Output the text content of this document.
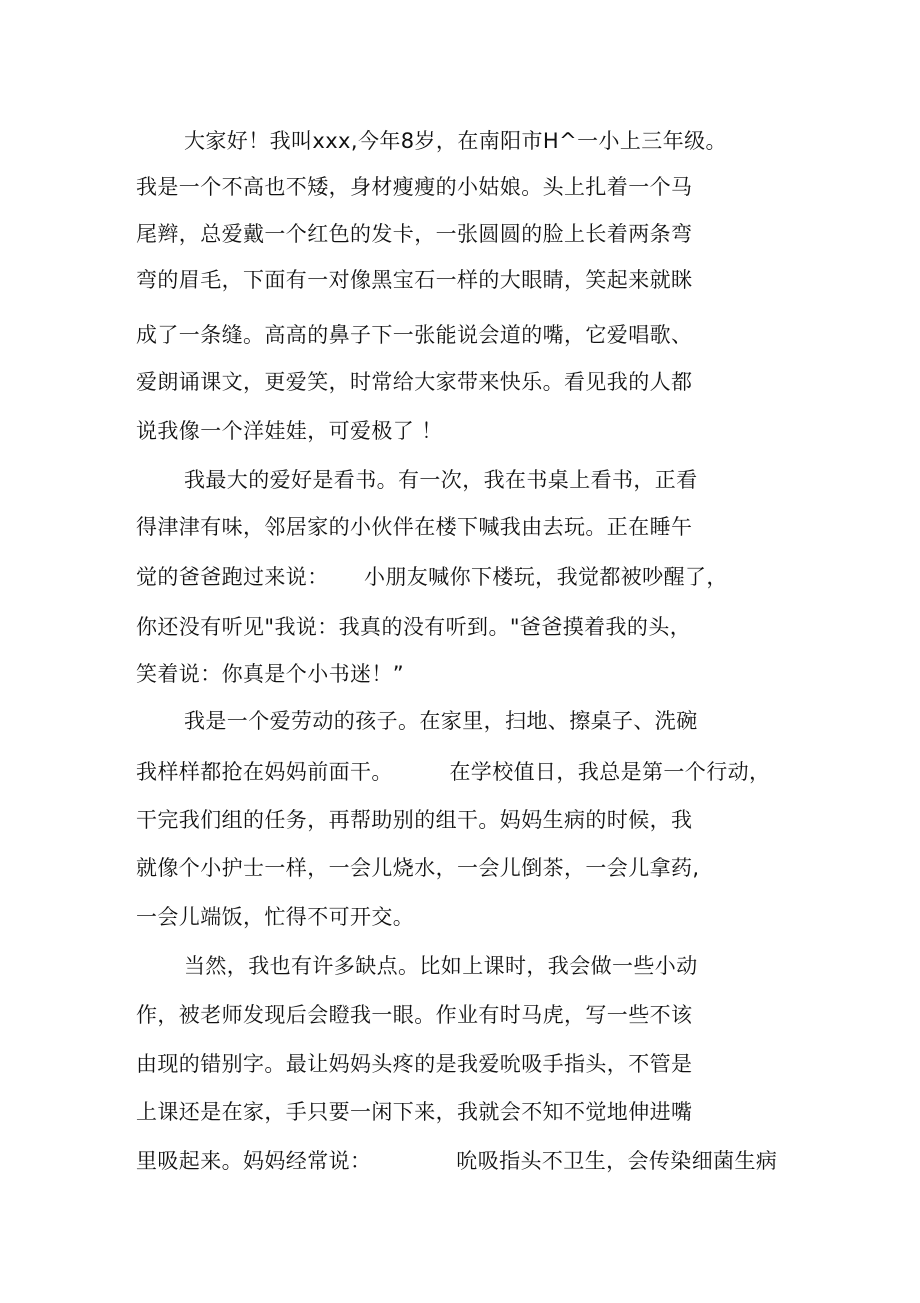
大家好！我叫xxx,今年8岁，在南阳市H^一小上三年级。
我是一个不高也不矮，身材瘦瘦的小姑娘。头上扎着一个马
尾辫，总爱戴一个红色的发卡，一张圆圆的脸上长着两条弯
弯的眉毛，下面有一对像黑宝石一样的大眼睛，笑起来就眯
成了一条缝。高高的鼻子下一张能说会道的嘴，它爱唱歌、
爱朗诵课文，更爱笑，时常给大家带来快乐。看见我的人都
说我像一个洋娃娃，可爱极了 ！
我最大的爱好是看书。有一次，我在书桌上看书，正看
得津津有味，邻居家的小伙伴在楼下喊我由去玩。正在睡午
觉的爸爸跑过来说：     小朋友喊你下楼玩，我觉都被吵醒了，
你还没有听见"我说：我真的没有听到。"爸爸摸着我的头，
笑着说：你真是个小书迷！”
我是一个爱劳动的孩子。在家里，扫地、擦桌子、洗碗
我样样都抢在妈妈前面干。        在学校值日，我总是第一个行动，
干完我们组的任务，再帮助别的组干。妈妈生病的时候，我
就像个小护士一样，一会儿烧水，一会儿倒茶，一会儿拿药,
一会儿端饭，忙得不可开交。
当然，我也有许多缺点。比如上课时，我会做一些小动
作，被老师发现后会瞪我一眼。作业有时马虎，写一些不该
由现的错别字。最让妈妈头疼的是我爱吮吸手指头，不管是
上课还是在家，手只要一闲下来，我就会不知不觉地伸进嘴
里吸起来。妈妈经常说：            吮吸指头不卫生，会传染细菌生病
